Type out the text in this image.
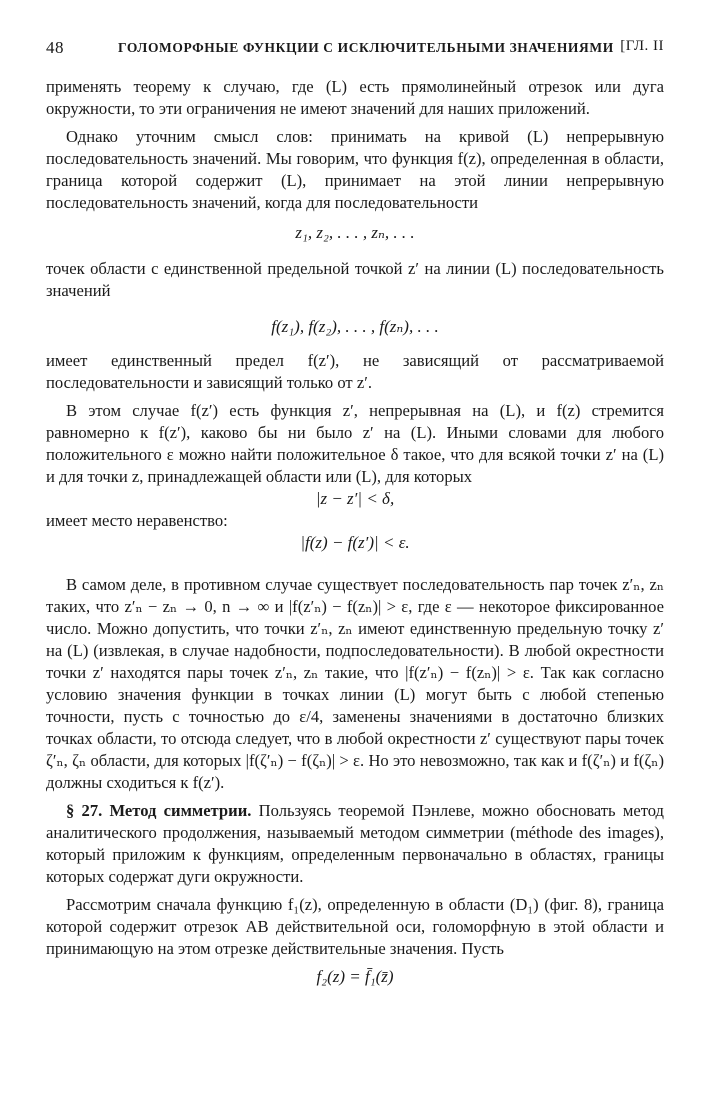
48	ГОЛОМОРФНЫЕ ФУНКЦИИ С ИСКЛЮЧИТЕЛЬНЫМИ ЗНАЧЕНИЯМИ [ГЛ. II

применять теорему к случаю, где (L) есть прямолинейный отрезок или дуга окружности, то эти ограничения не имеют значений для наших приложений.

Однако уточним смысл слов: принимать на кривой (L) непрерывную последовательность значений. Мы говорим, что функция f(z), определенная в области, граница которой содержит (L), принимает на этой линии непрерывную последовательность значений, когда для последовательности

z₁, z₂, . . . , zₙ, . . .

точек области с единственной предельной точкой z′ на линии (L) последовательность значений

f(z₁), f(z₂), . . . , f(zₙ), . . .

имеет единственный предел f(z′), не зависящий от рассматриваемой последовательности и зависящий только от z′.

В этом случае f(z′) есть функция z′, непрерывная на (L), и f(z) стремится равномерно к f(z′), каково бы ни было z′ на (L). Иными словами для любого положительного ε можно найти положительное δ такое, что для всякой точки z′ на (L) и для точки z, принадлежащей области или (L), для которых

|z − z′| < δ,

имеет место неравенство:

|f(z) − f(z′)| < ε.

В самом деле, в противном случае существует последовательность пар точек z′ₙ, zₙ таких, что z′ₙ − zₙ → 0, n → ∞ и |f(z′ₙ) − f(zₙ)| > ε, где ε — некоторое фиксированное число. Можно допустить, что точки z′ₙ, zₙ имеют единственную предельную точку z′ на (L) (извлекая, в случае надобности, подпоследовательности). В любой окрестности точки z′ находятся пары точек z′ₙ, zₙ такие, что |f(z′ₙ) − f(zₙ)| > ε. Так как согласно условию значения функции в точках линии (L) могут быть с любой степенью точности, пусть с точностью до ε/4, заменены значениями в достаточно близких точках области, то отсюда следует, что в любой окрестности z′ существуют пары точек ζ′ₙ, ζₙ области, для которых |f(ζ′ₙ) − f(ζₙ)| > ε. Но это невозможно, так как и f(ζ′ₙ) и f(ζₙ) должны сходиться к f(z′).

§ 27. Метод симметрии. Пользуясь теоремой Пэнлеве, можно обосновать метод аналитического продолжения, называемый методом симметрии (méthode des images), который приложим к функциям, определенным первоначально в областях, границы которых содержат дуги окружности.

Рассмотрим сначала функцию f₁(z), определенную в области (D₁) (фиг. 8), граница которой содержит отрезок AB действительной оси, голоморфную в этой области и принимающую на этом отрезке действительные значения. Пусть

f₂(z) = f̄₁(z̄)
